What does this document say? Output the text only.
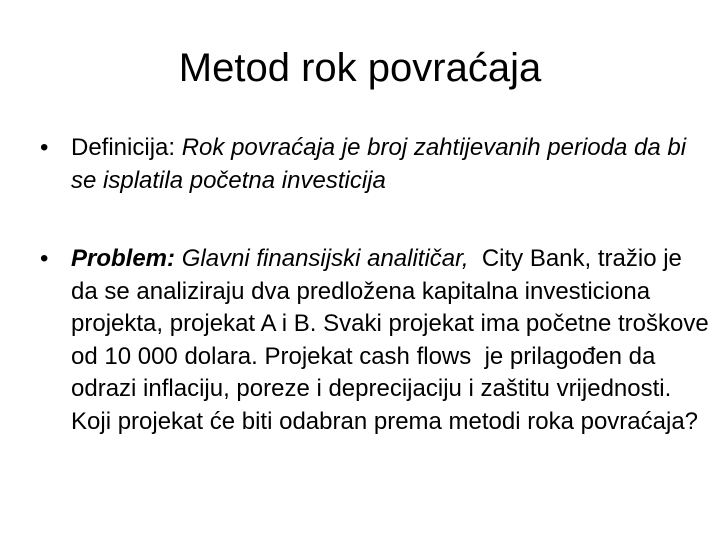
Metod rok povraćaja
• Definicija: Rok povraćaja je broj zahtijevanih perioda da bi se isplatila početna investicija
• Problem: Glavni finansijski analitičar,  City Bank, tražio je da se analiziraju dva predložena kapitalna investiciona projekta, projekat A i B. Svaki projekat ima početne troškove od 10 000 dolara. Projekat cash flows  je prilagođen da odrazi inflaciju, poreze i deprecijaciju i zaštitu vrijednosti. Koji projekat će biti odabran prema metodi roka povraćaja?
